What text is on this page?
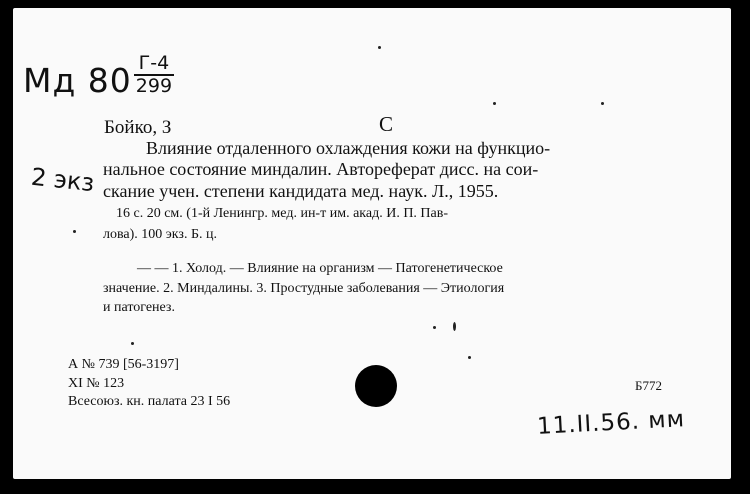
Мд $80 \frac{Г-4}{299}$
2 экз
Бойко, З	С
Влияние отдаленного охлаждения кожи на функцио-
нальное состояние миндалин. Автореферат дисс. на сои-
скание учен. степени кандидата мед. наук. Л., 1955.
16 с. 20 см. (1-й Ленингр. мед. ин-т им. акад. И. П. Пав-
лова). 100 экз. Б. ц.
— — 1. Холод. — Влияние на организм — Патогенетическое
значение. 2. Миндалины. 3. Простудные заболевания — Этиология
и патогенез.
А № 739 [56-3197]
XI № 123
Всесоюз. кн. палата 23 I 56
Б772
11.II.56. мм
